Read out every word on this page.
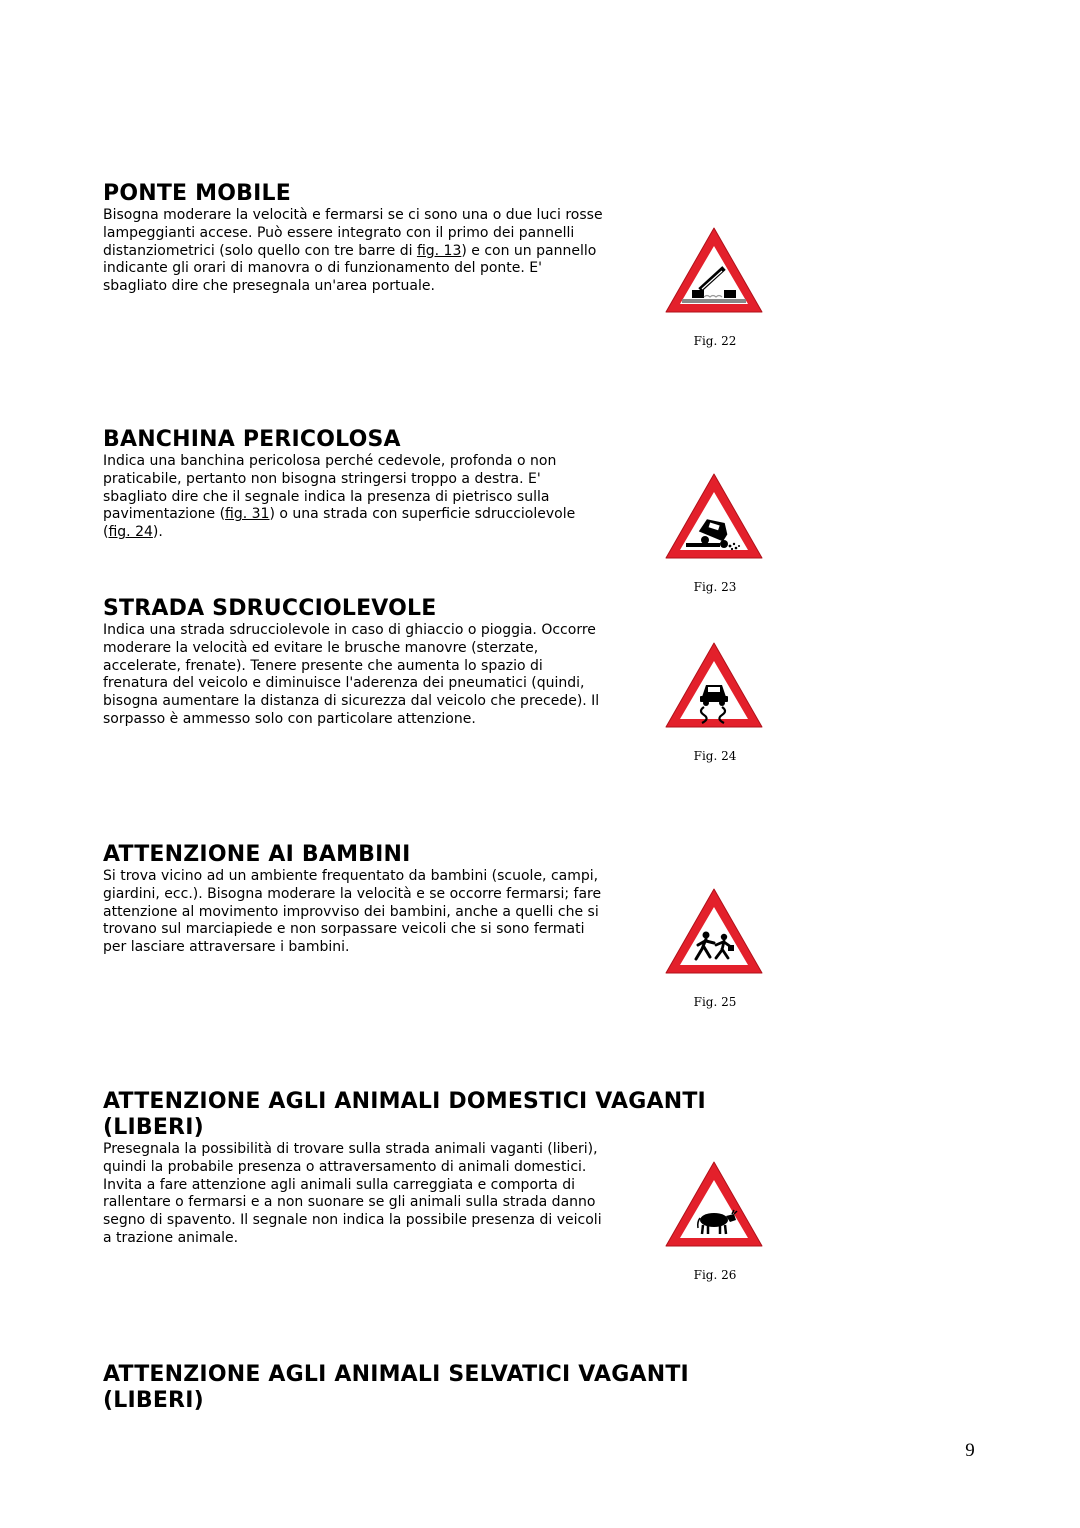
PONTE MOBILE
Bisogna moderare la velocità e fermarsi se ci sono una o due luci rosse
lampeggianti accese. Può essere integrato con il primo dei pannelli
distanziometrici (solo quello con tre barre di fig. 13) e con un pannello
indicante gli orari di manovra o di funzionamento del ponte. E'
sbagliato dire che presegnala un'area portuale.
Fig. 22
BANCHINA PERICOLOSA
Indica una banchina pericolosa perché cedevole, profonda o non
praticabile, pertanto non bisogna stringersi troppo a destra. E'
sbagliato dire che il segnale indica la presenza di pietrisco sulla
pavimentazione (fig. 31) o una strada con superficie sdrucciolevole
(fig. 24).
Fig. 23
STRADA SDRUCCIOLEVOLE
Indica una strada sdrucciolevole in caso di ghiaccio o pioggia. Occorre
moderare la velocità ed evitare le brusche manovre (sterzate,
accelerate, frenate). Tenere presente che aumenta lo spazio di
frenatura del veicolo e diminuisce l'aderenza dei pneumatici (quindi,
bisogna aumentare la distanza di sicurezza dal veicolo che precede). Il
sorpasso è ammesso solo con particolare attenzione.
Fig. 24
ATTENZIONE AI BAMBINI
Si trova vicino ad un ambiente frequentato da bambini (scuole, campi,
giardini, ecc.). Bisogna moderare la velocità e se occorre fermarsi; fare
attenzione al movimento improvviso dei bambini, anche a quelli che si
trovano sul marciapiede e non sorpassare veicoli che si sono fermati
per lasciare attraversare i bambini.
Fig. 25
ATTENZIONE AGLI ANIMALI DOMESTICI VAGANTI
(LIBERI)
Presegnala la possibilità di trovare sulla strada animali vaganti (liberi),
quindi la probabile presenza o attraversamento di animali domestici.
Invita a fare attenzione agli animali sulla carreggiata e comporta di
rallentare o fermarsi e a non suonare se gli animali sulla strada danno
segno di spavento. Il segnale non indica la possibile presenza di veicoli
a trazione animale.
Fig. 26
ATTENZIONE AGLI ANIMALI SELVATICI VAGANTI
(LIBERI)
9
